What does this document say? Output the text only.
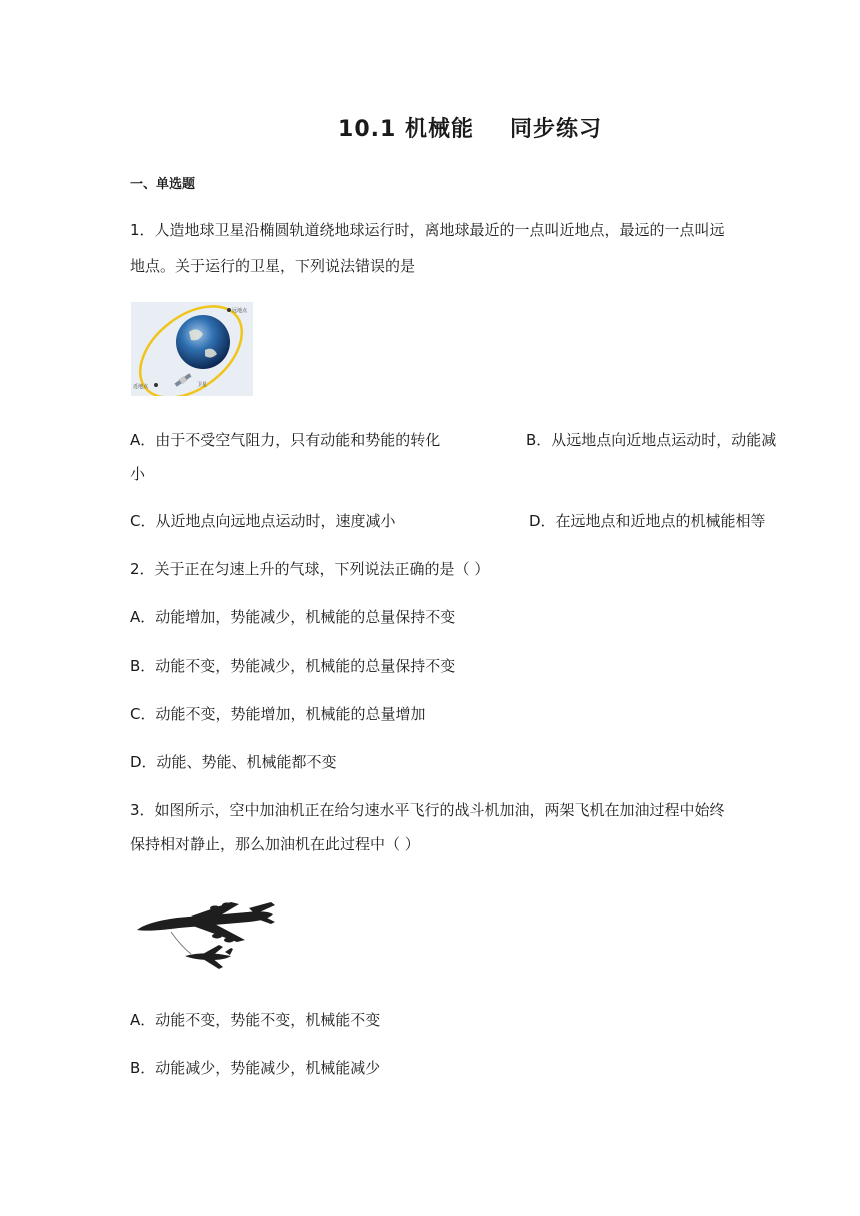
10.1 机械能 同步练习
一、单选题
1．人造地球卫星沿椭圆轨道绕地球运行时，离地球最近的一点叫近地点，最远的一点叫远
地点。关于运行的卫星，下列说法错误的是
远地点
近地点	卫星
A．由于不受空气阻力，只有动能和势能的转化	B．从远地点向近地点运动时，动能减
小
C．从近地点向远地点运动时，速度减小	D．在远地点和近地点的机械能相等
2．关于正在匀速上升的气球，下列说法正确的是（ ）
A．动能增加，势能减少，机械能的总量保持不变
B．动能不变，势能减少，机械能的总量保持不变
C．动能不变，势能增加，机械能的总量增加
D．动能、势能、机械能都不变
3．如图所示，空中加油机正在给匀速水平飞行的战斗机加油，两架飞机在加油过程中始终
保持相对静止，那么加油机在此过程中（ ）
A．动能不变，势能不变，机械能不变
B．动能减少，势能减少，机械能减少
